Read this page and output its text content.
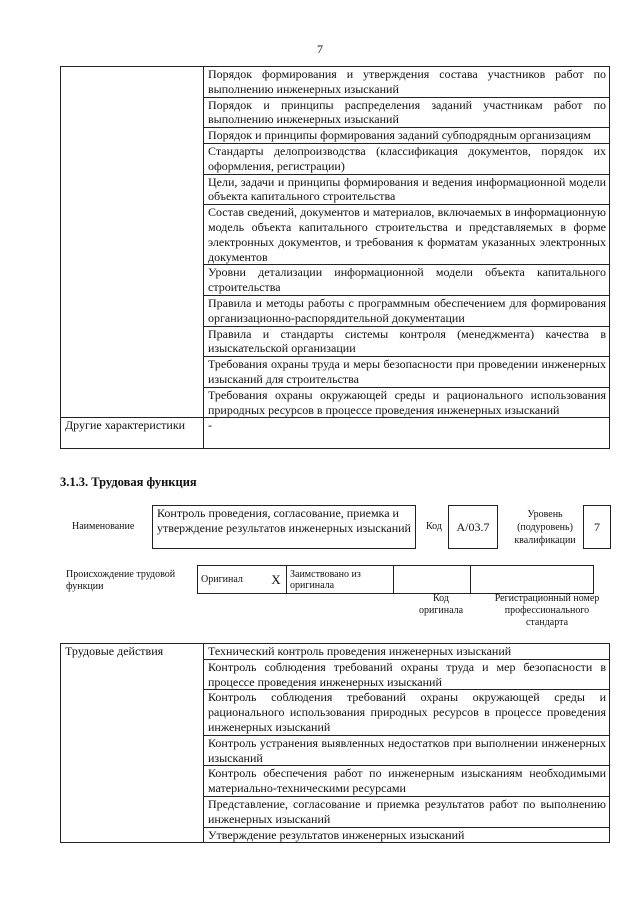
7
	Порядок формирования и утверждения состава участников работ по выполнению инженерных изысканий
	Порядок и принципы распределения заданий участникам работ по выполнению инженерных изысканий
	Порядок и принципы формирования заданий субподрядным организациям
	Стандарты делопроизводства (классификация документов, порядок их оформления, регистрации)
	Цели, задачи и принципы формирования и ведения информационной модели объекта капитального строительства
	Состав сведений, документов и материалов, включаемых в информационную модель объекта капитального строительства и представляемых в форме электронных документов, и требования к форматам указанных электронных документов
	Уровни детализации информационной модели объекта капитального строительства
	Правила и методы работы с программным обеспечением для формирования организационно-распорядительной документации
	Правила и стандарты системы контроля (менеджмента) качества в изыскательской организации
	Требования охраны труда и меры безопасности при проведении инженерных изысканий для строительства
	Требования охраны окружающей среды и рационального использования природных ресурсов в процессе проведения инженерных изысканий
Другие характеристики	-
3.1.3. Трудовая функция
Наименование
Контроль проведения, согласование, приемка и утверждение результатов инженерных изысканий	Код А/03.7
Уровень (подуровень) квалификации
7
Происхождение трудовой функции
Оригинал	X	Заимствовано из оригинала		
Код оригинала
Регистрационный номер профессионального стандарта
Трудовые действия	Технический контроль проведения инженерных изысканий
Контроль соблюдения требований охраны труда и мер безопасности в процессе проведения инженерных изысканий
Контроль соблюдения требований охраны окружающей среды и рационального использования природных ресурсов в процессе проведения инженерных изысканий
Контроль устранения выявленных недостатков при выполнении инженерных изысканий
Контроль обеспечения работ по инженерным изысканиям необходимыми материально-техническими ресурсами
Представление, согласование и приемка результатов работ по выполнению инженерных изысканий
Утверждение результатов инженерных изысканий
